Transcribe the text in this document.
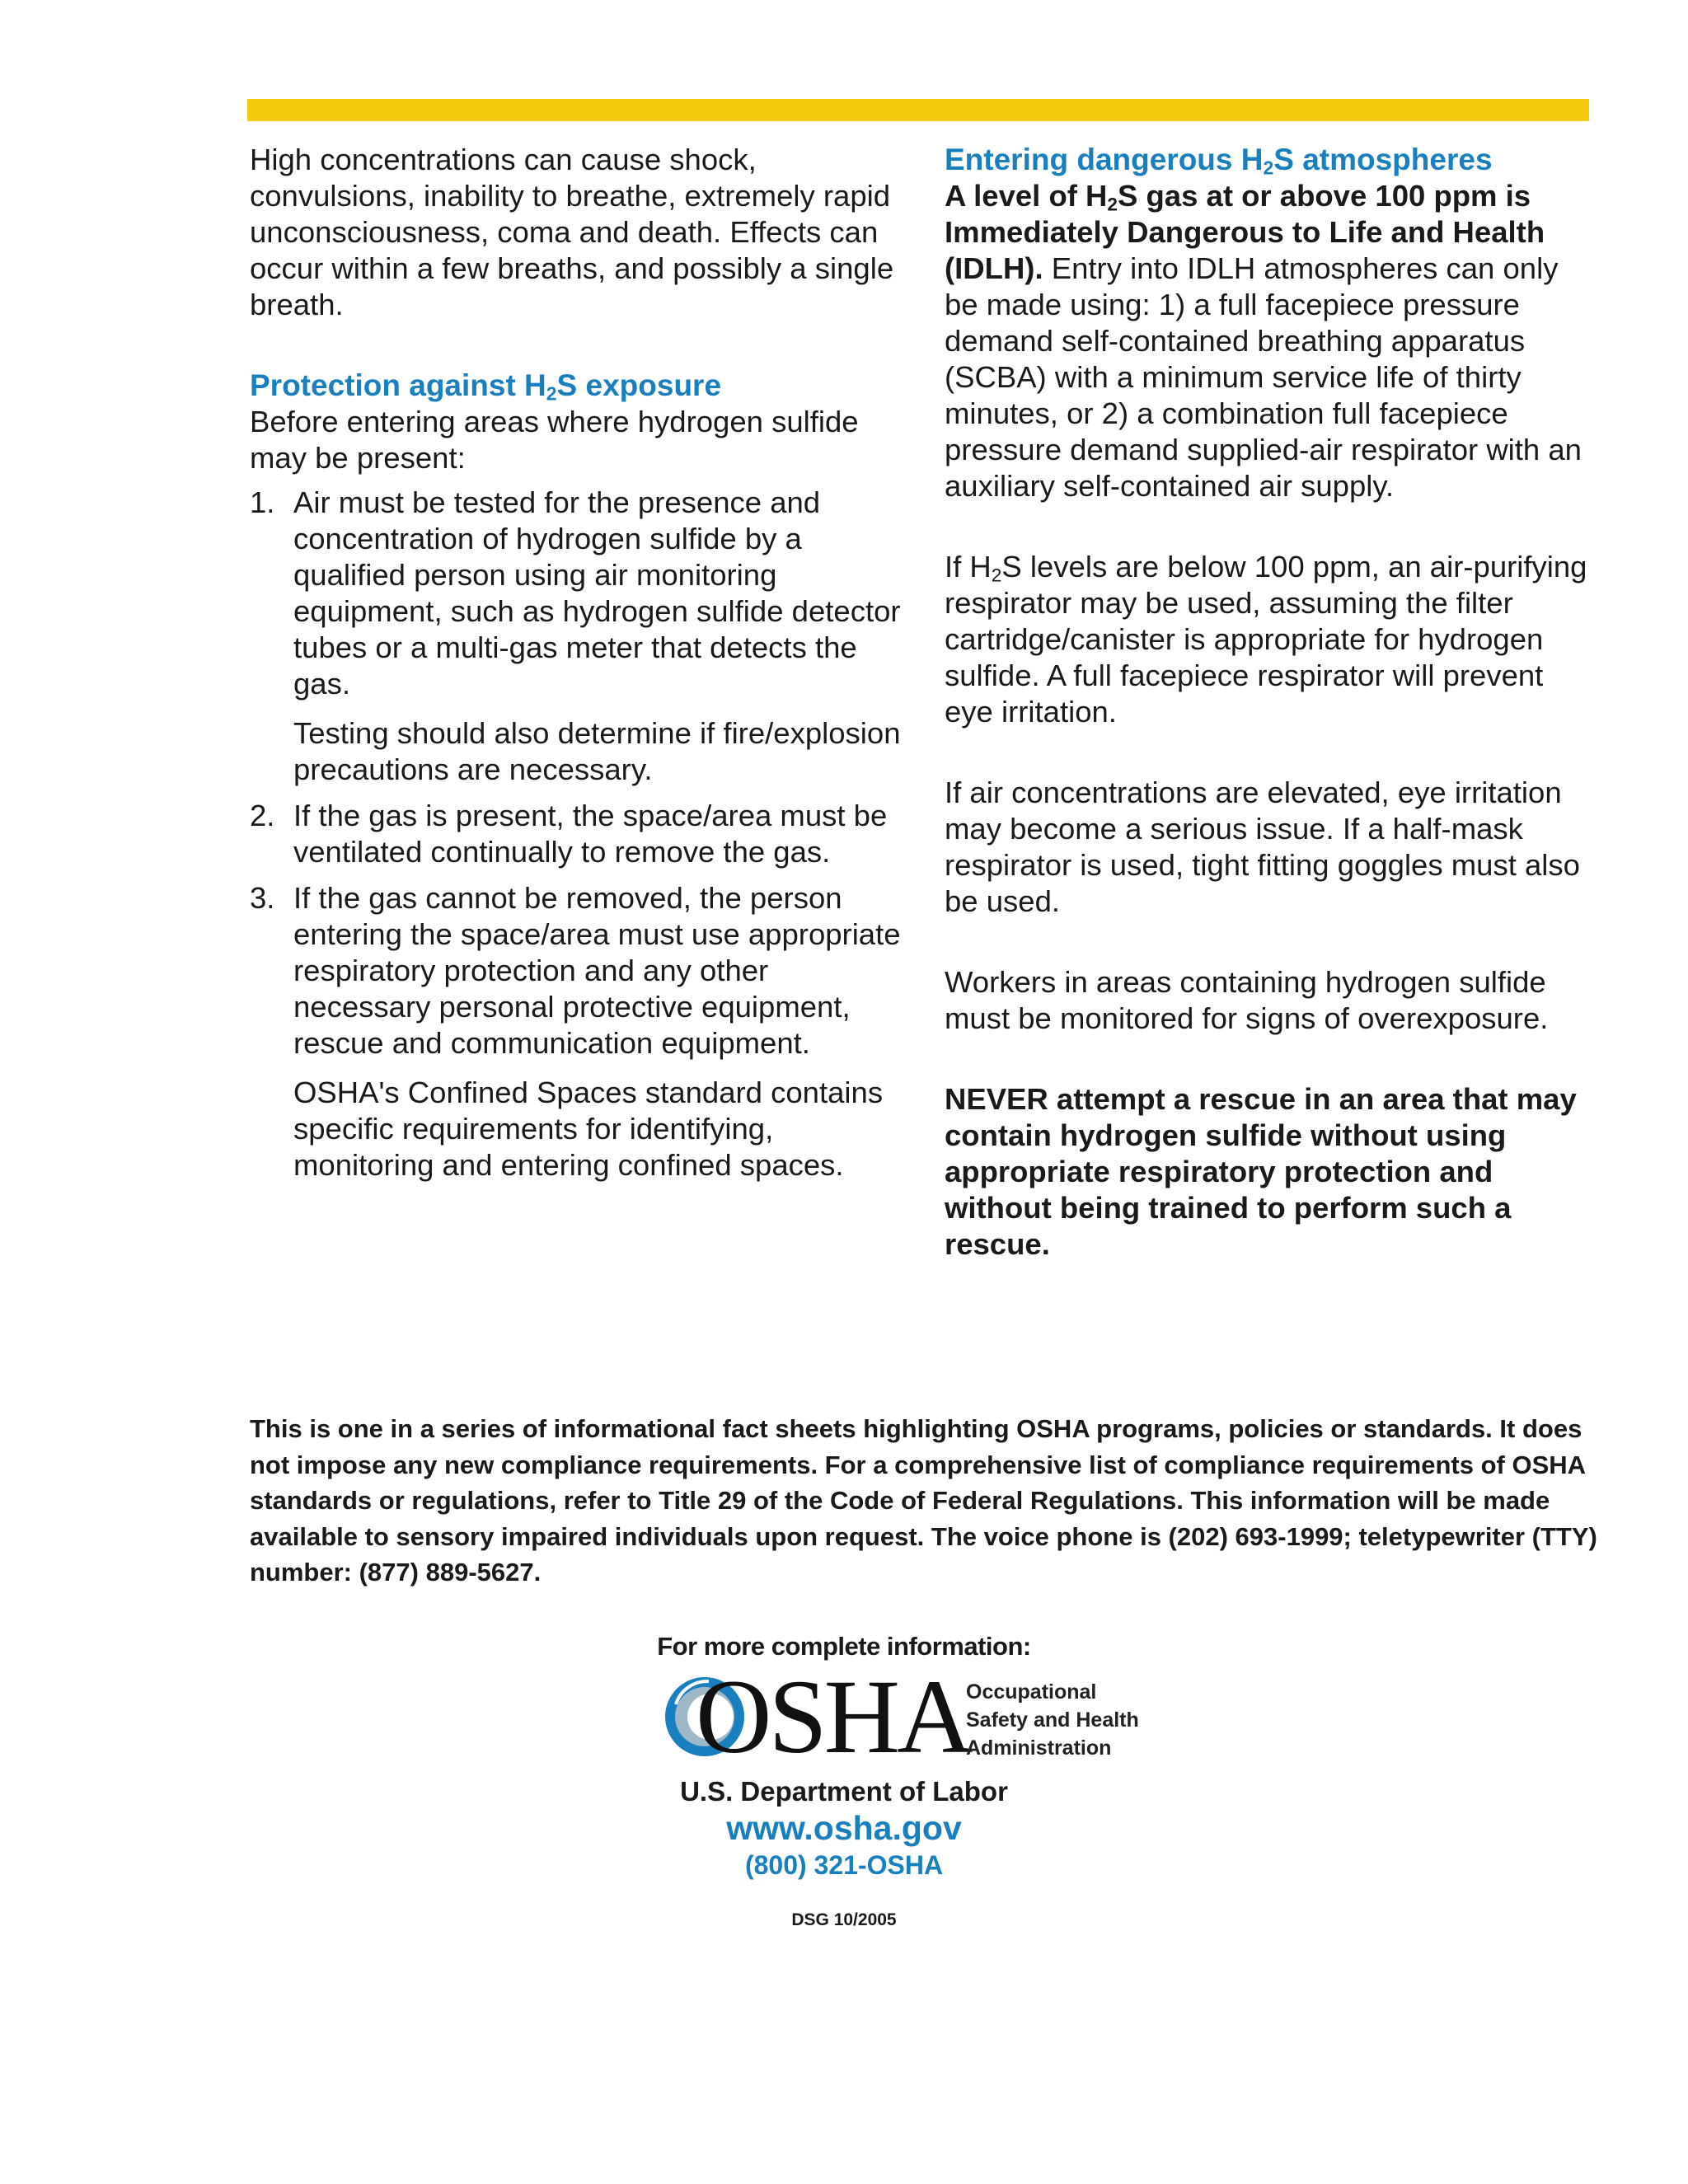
High concentrations can cause shock, convulsions, inability to breathe, extremely rapid unconsciousness, coma and death. Effects can occur within a few breaths, and possibly a single breath.

Protection against $H_2S$ exposure

Before entering areas where hydrogen sulfide may be present:

1. Air must be tested for the presence and concentration of hydrogen sulfide by a qualified person using air monitoring equipment, such as hydrogen sulfide detector tubes or a multi-gas meter that detects the gas.
Testing should also determine if fire/explosion precautions are necessary.
2. If the gas is present, the space/area must be ventilated continually to remove the gas.
3. If the gas cannot be removed, the person entering the space/area must use appropriate respiratory protection and any other necessary personal protective equipment, rescue and communication equipment.
OSHA's Confined Spaces standard contains specific requirements for identifying, monitoring and entering confined spaces.

Entering dangerous $H_2S$ atmospheres

A level of $H_2S$ gas at or above 100 ppm is Immediately Dangerous to Life and Health (IDLH). Entry into IDLH atmospheres can only be made using: 1) a full facepiece pressure demand self-contained breathing apparatus (SCBA) with a minimum service life of thirty minutes, or 2) a combination full facepiece pressure demand supplied-air respirator with an auxiliary self-contained air supply.

If $H_2S$ levels are below 100 ppm, an air-purifying respirator may be used, assuming the filter cartridge/canister is appropriate for hydrogen sulfide. A full facepiece respirator will prevent eye irritation.

If air concentrations are elevated, eye irritation may become a serious issue. If a half-mask respirator is used, tight fitting goggles must also be used.

Workers in areas containing hydrogen sulfide must be monitored for signs of overexposure.

NEVER attempt a rescue in an area that may contain hydrogen sulfide without using appropriate respiratory protection and without being trained to perform such a rescue.

This is one in a series of informational fact sheets highlighting OSHA programs, policies or standards. It does not impose any new compliance requirements. For a comprehensive list of compliance requirements of OSHA standards or regulations, refer to Title 29 of the Code of Federal Regulations. This information will be made available to sensory impaired individuals upon request. The voice phone is (202) 693-1999; teletypewriter (TTY) number: (877) 889-5627.
For more complete information:
OSHA
Occupational
Safety and Health
Administration
U.S. Department of Labor
www.osha.gov
(800) 321-OSHA
DSG 10/2005
